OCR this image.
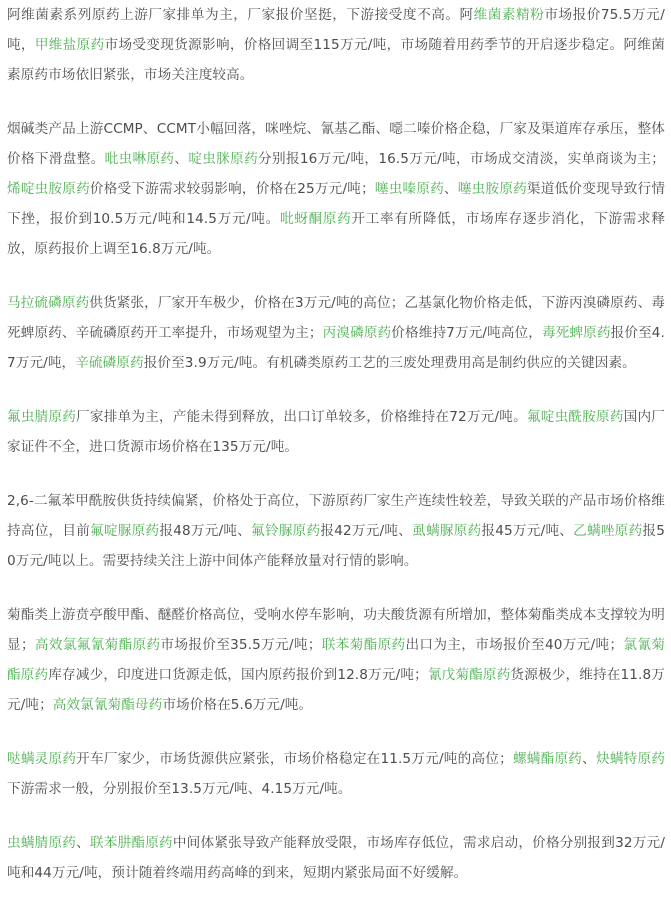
阿维菌素系列原药上游厂家排单为主，厂家报价坚挺，下游接受度不高。阿维菌素精粉市场报价75.5万元/吨，甲维盐原药市场受变现货源影响，价格回调至115万元/吨，市场随着用药季节的开启逐步稳定。阿维菌素原药市场依旧紧张，市场关注度较高。

烟碱类产品上游CCMP、CCMT小幅回落，咪唑烷、氰基乙酯、噁二嗪价格企稳，厂家及渠道库存承压，整体价格下滑盘整。吡虫啉原药、啶虫脒原药分别报16万元/吨，16.5万元/吨，市场成交清淡，实单商谈为主；烯啶虫胺原药价格受下游需求较弱影响，价格在25万元/吨；噻虫嗪原药、噻虫胺原药渠道低价变现导致行情下挫，报价到10.5万元/吨和14.5万元/吨。吡蚜酮原药开工率有所降低，市场库存逐步消化，下游需求释放，原药报价上调至16.8万元/吨。

马拉硫磷原药供货紧张，厂家开车极少，价格在3万元/吨的高位；乙基氯化物价格走低，下游丙溴磷原药、毒死蜱原药、辛硫磷原药开工率提升，市场观望为主；丙溴磷原药价格维持7万元/吨高位，毒死蜱原药报价至4.7万元/吨，辛硫磷原药报价至3.9万元/吨。有机磷类原药工艺的三废处理费用高是制约供应的关键因素。

氟虫腈原药厂家排单为主，产能未得到释放，出口订单较多，价格维持在72万元/吨。氟啶虫酰胺原药国内厂家证件不全，进口货源市场价格在135万元/吨。

2,6-二氟苯甲酰胺供货持续偏紧，价格处于高位，下游原药厂家生产连续性较差，导致关联的产品市场价格维持高位，目前氟啶脲原药报48万元/吨、氟铃脲原药报42万元/吨、虱螨脲原药报45万元/吨、乙螨唑原药报50万元/吨以上。需要持续关注上游中间体产能释放量对行情的影响。

菊酯类上游贲亭酸甲酯、醚醛价格高位，受响水停车影响，功夫酸货源有所增加，整体菊酯类成本支撑较为明显；高效氯氟氰菊酯原药市场报价至35.5万元/吨；联苯菊酯原药出口为主，市场报价至40万元/吨；氯氰菊酯原药库存减少，印度进口货源走低，国内原药报价到12.8万元/吨；氰戊菊酯原药货源极少，维持在11.8万元/吨；高效氯氰菊酯母药市场价格在5.6万元/吨。

哒螨灵原药开车厂家少，市场货源供应紧张，市场价格稳定在11.5万元/吨的高位；螺螨酯原药、炔螨特原药下游需求一般，分别报价至13.5万元/吨、4.15万元/吨。

虫螨腈原药、联苯肼酯原药中间体紧张导致产能释放受限，市场库存低位，需求启动，价格分别报到32万元/吨和44万元/吨，预计随着终端用药高峰的到来，短期内紧张局面不好缓解。
